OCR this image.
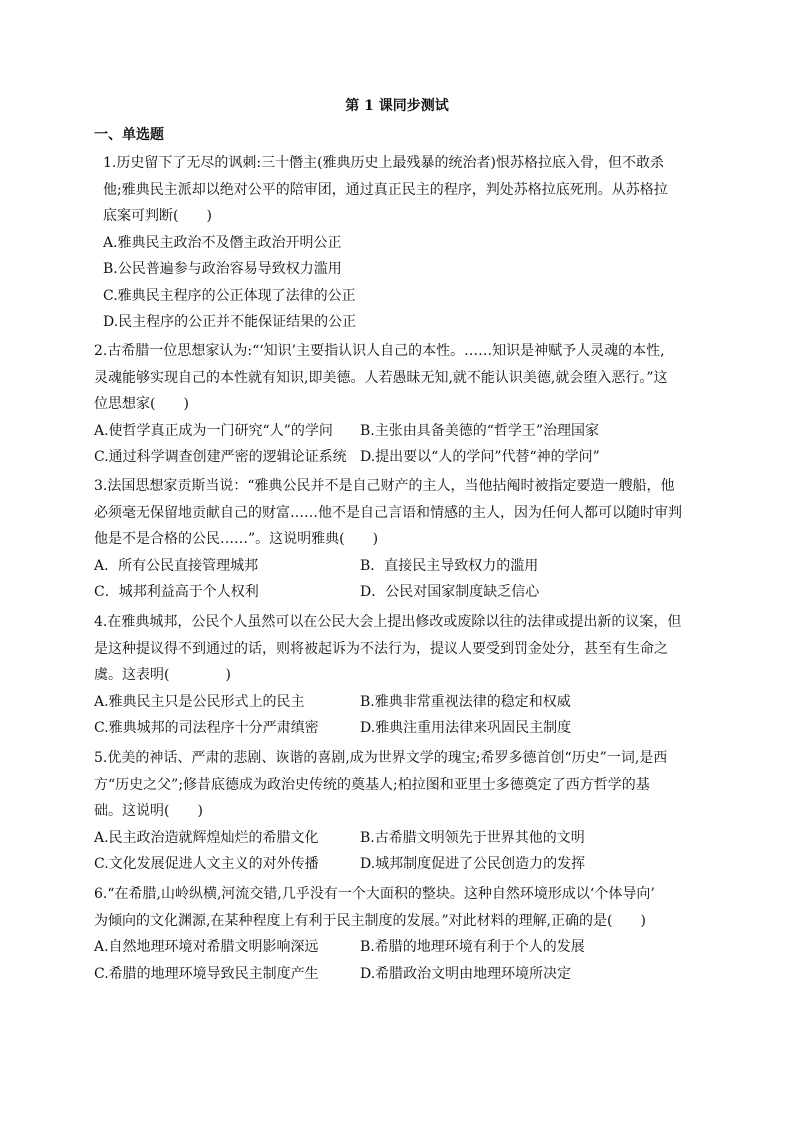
第 1 课同步测试
一、单选题

1.历史留下了无尽的讽刺:三十僭主(雅典历史上最残暴的统治者)恨苏格拉底入骨，但不敢杀

他;雅典民主派却以绝对公平的陪审团，通过真正民主的程序，判处苏格拉底死刑。从苏格拉

底案可判断(　　)

A.雅典民主政治不及僭主政治开明公正

B.公民普遍参与政治容易导致权力滥用

C.雅典民主程序的公正体现了法律的公正

D.民主程序的公正并不能保证结果的公正

2.古希腊一位思想家认为:“‘知识’主要指认识人自己的本性。……知识是神赋予人灵魂的本性,

灵魂能够实现自己的本性就有知识,即美德。人若愚昧无知,就不能认识美德,就会堕入恶行。”这

位思想家(　　)

A.使哲学真正成为一门研究“人”的学问	B.主张由具备美德的“哲学王”治理国家
C.通过科学调查创建严密的逻辑论证系统 D.提出要以“人的学问”代替“神的学问”

3.法国思想家贡斯当说：“雅典公民并不是自己财产的主人，当他拈阄时被指定要造一艘船，他

必须毫无保留地贡献自己的财富……他不是自己言语和情感的主人，因为任何人都可以随时审判

他是不是合格的公民……”。这说明雅典(　　)

A．所有公民直接管理城邦	B．直接民主导致权力的滥用
C．城邦利益高于个人权利	D．公民对国家制度缺乏信心

4.在雅典城邦，公民个人虽然可以在公民大会上提出修改或废除以往的法律或提出新的议案，但

是这种提议得不到通过的话，则将被起诉为不法行为，提议人要受到罚金处分，甚至有生命之

虞。这表明(　　　　)

A.雅典民主只是公民形式上的民主	B.雅典非常重视法律的稳定和权威
C.雅典城邦的司法程序十分严肃缜密	D.雅典注重用法律来巩固民主制度

5.优美的神话、严肃的悲剧、诙谐的喜剧,成为世界文学的瑰宝;希罗多德首创“历史”一词,是西

方“历史之父”;修昔底德成为政治史传统的奠基人;柏拉图和亚里士多德奠定了西方哲学的基

础。这说明(　　)

A.民主政治造就辉煌灿烂的希腊文化	B.古希腊文明领先于世界其他的文明
C.文化发展促进人文主义的对外传播	D.城邦制度促进了公民创造力的发挥

6.“在希腊,山岭纵横,河流交错,几乎没有一个大面积的整块。这种自然环境形成以‘个体导向’

为倾向的文化渊源,在某种程度上有利于民主制度的发展。”对此材料的理解,正确的是(　　)

A.自然地理环境对希腊文明影响深远	B.希腊的地理环境有利于个人的发展
C.希腊的地理环境导致民主制度产生	D.希腊政治文明由地理环境所决定
